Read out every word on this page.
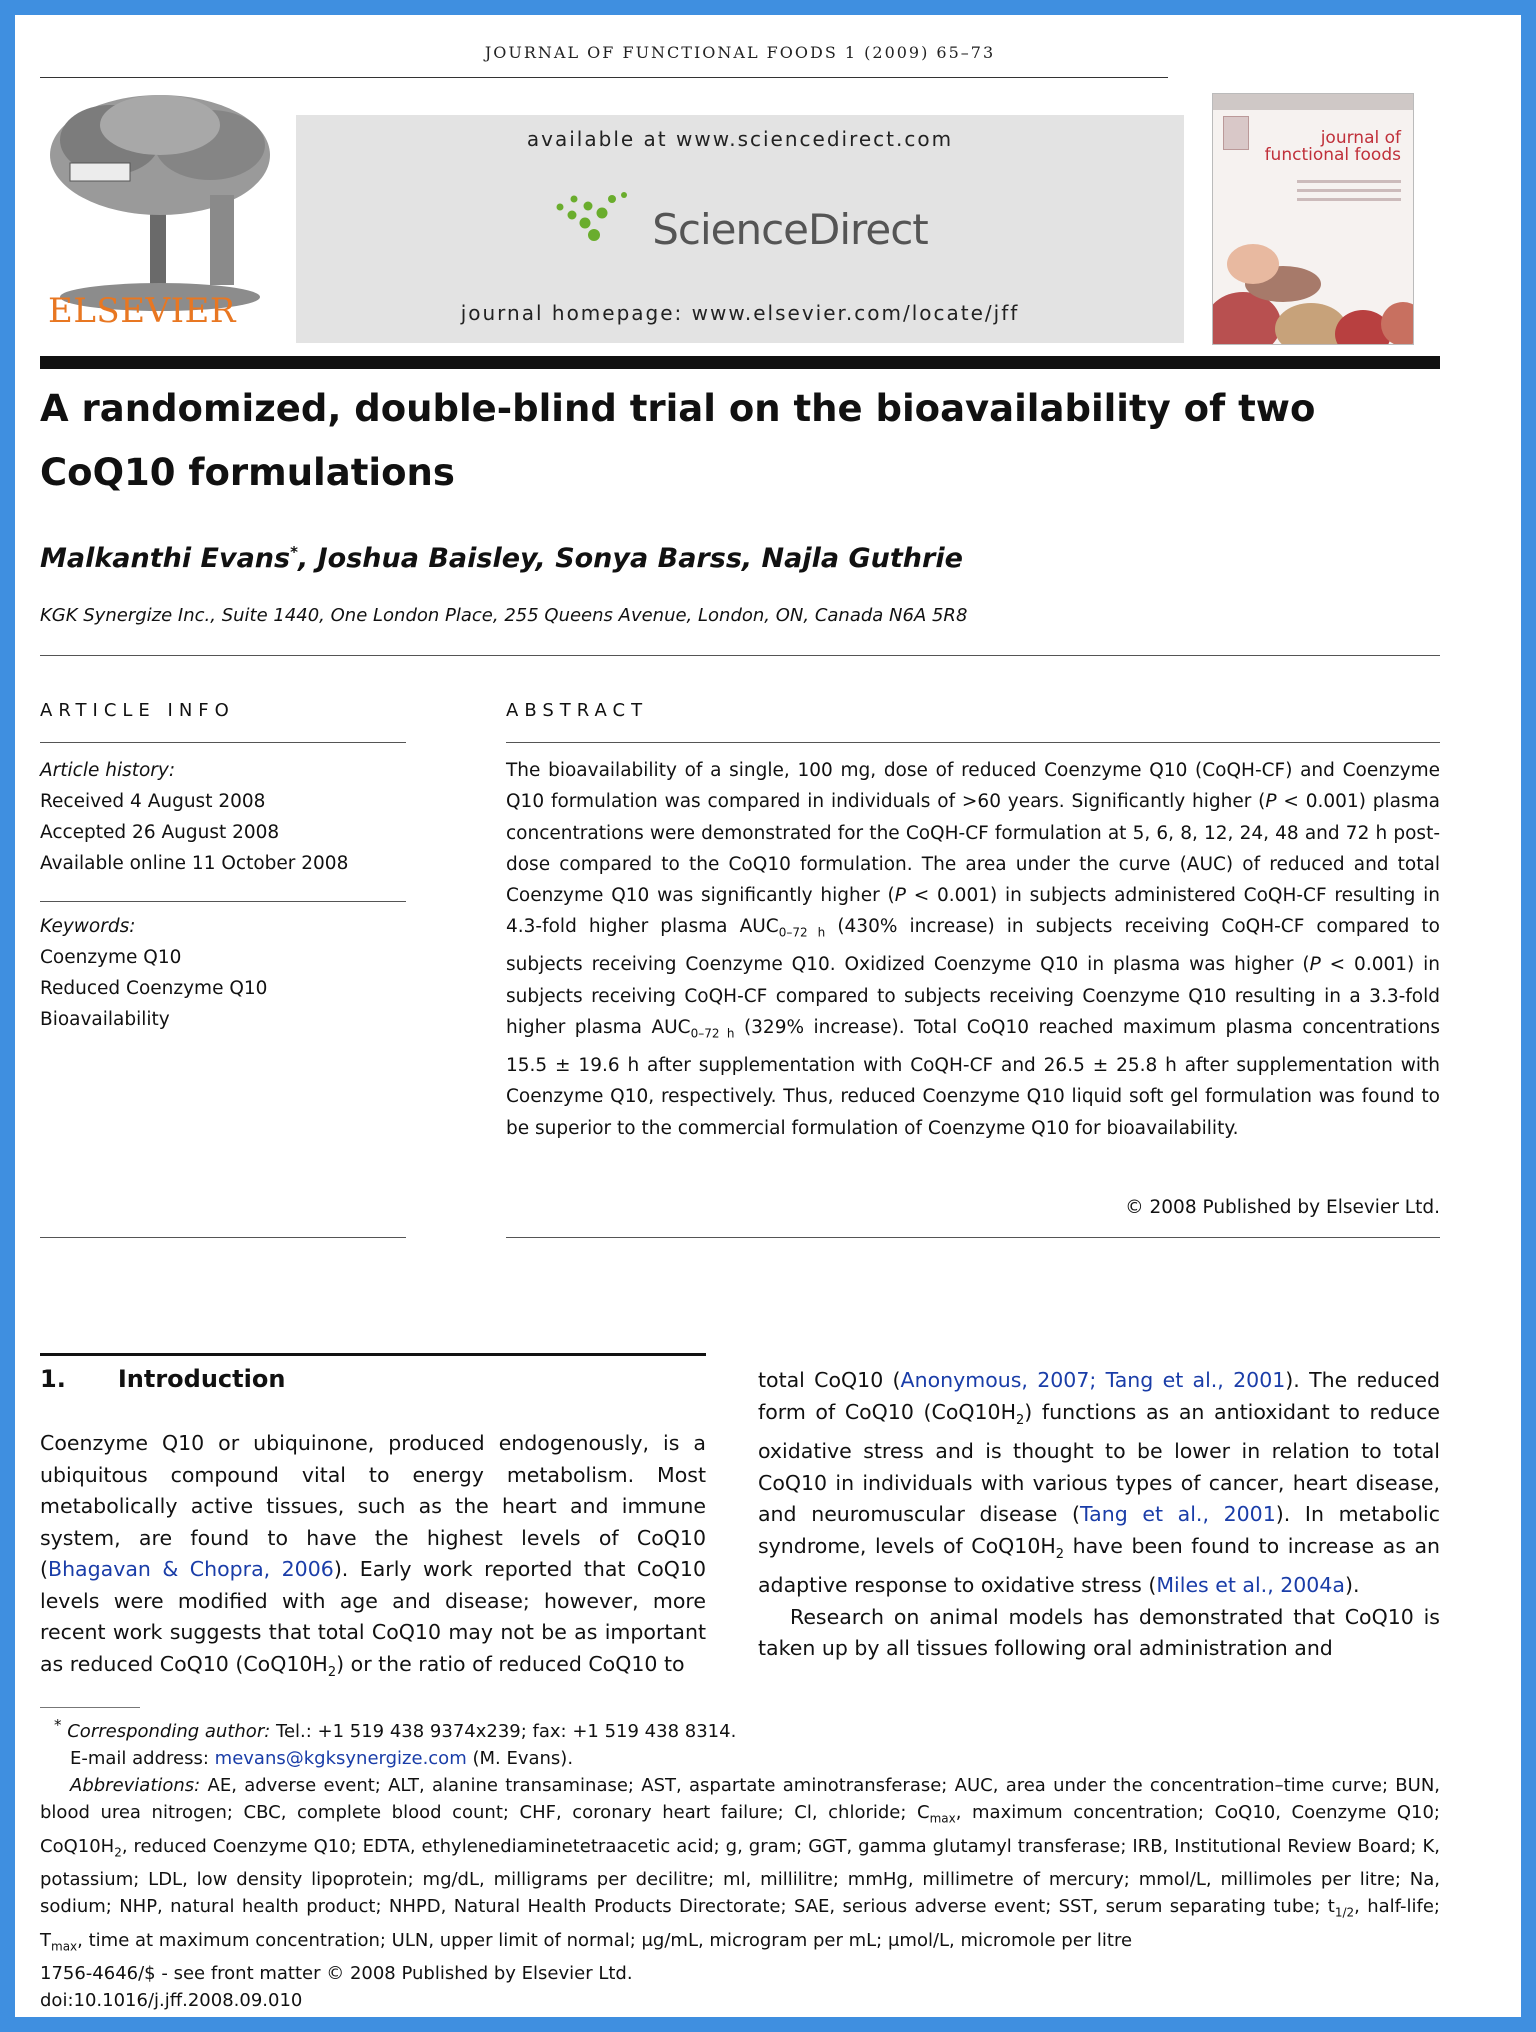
JOURNAL OF FUNCTIONAL FOODS 1 (2009) 65–73
ELSEVIER
available at www.sciencedirect.com
ScienceDirect
journal homepage: www.elsevier.com/locate/jff
journal of
functional foods
A randomized, double-blind trial on the bioavailability of two
CoQ10 formulations
Malkanthi Evans*, Joshua Baisley, Sonya Barss, Najla Guthrie
KGK Synergize Inc., Suite 1440, One London Place, 255 Queens Avenue, London, ON, Canada N6A 5R8
ARTICLE INFO
Article history:
Received 4 August 2008
Accepted 26 August 2008
Available online 11 October 2008
Keywords:
Coenzyme Q10
Reduced Coenzyme Q10
Bioavailability
ABSTRACT
The bioavailability of a single, 100 mg, dose of reduced Coenzyme Q10 (CoQH-CF) and Coenzyme Q10 formulation was compared in individuals of >60 years. Significantly higher (P < 0.001) plasma concentrations were demonstrated for the CoQH-CF formulation at 5, 6, 8, 12, 24, 48 and 72 h post-dose compared to the CoQ10 formulation. The area under the curve (AUC) of reduced and total Coenzyme Q10 was significantly higher (P < 0.001) in subjects administered CoQH-CF resulting in 4.3-fold higher plasma $AUC_{0-72 h}$ (430% increase) in subjects receiving CoQH-CF compared to subjects receiving Coenzyme Q10. Oxidized Coenzyme Q10 in plasma was higher (P < 0.001) in subjects receiving CoQH-CF compared to subjects receiving Coenzyme Q10 resulting in a 3.3-fold higher plasma $AUC_{0-72 h}$ (329% increase). Total CoQ10 reached maximum plasma concentrations 15.5 ± 19.6 h after supplementation with CoQH-CF and 26.5 ± 25.8 h after supplementation with Coenzyme Q10, respectively. Thus, reduced Coenzyme Q10 liquid soft gel formulation was found to be superior to the commercial formulation of Coenzyme Q10 for bioavailability.
© 2008 Published by Elsevier Ltd.
1. Introduction
Coenzyme Q10 or ubiquinone, produced endogenously, is a ubiquitous compound vital to energy metabolism. Most metabolically active tissues, such as the heart and immune system, are found to have the highest levels of CoQ10 (Bhagavan & Chopra, 2006). Early work reported that CoQ10 levels were modified with age and disease; however, more recent work suggests that total CoQ10 may not be as important as reduced CoQ10 $(CoQ10H_2)$ or the ratio of reduced CoQ10 to
total CoQ10 (Anonymous, 2007; Tang et al., 2001). The reduced form of CoQ10 $(CoQ10H_2)$ functions as an antioxidant to reduce oxidative stress and is thought to be lower in relation to total CoQ10 in individuals with various types of cancer, heart disease, and neuromuscular disease (Tang et al., 2001). In metabolic syndrome, levels of $CoQ10H_2$ have been found to increase as an adaptive response to oxidative stress (Miles et al., 2004a).
Research on animal models has demonstrated that CoQ10 is taken up by all tissues following oral administration and
* Corresponding author: Tel.: +1 519 438 9374x239; fax: +1 519 438 8314.
E-mail address: mevans@kgksynergize.com (M. Evans).
Abbreviations: AE, adverse event; ALT, alanine transaminase; AST, aspartate aminotransferase; AUC, area under the concentration–time curve; BUN, blood urea nitrogen; CBC, complete blood count; CHF, coronary heart failure; Cl, chloride; $C_{max}$, maximum concentration; CoQ10, Coenzyme Q10; $CoQ10H_2$, reduced Coenzyme Q10; EDTA, ethylenediaminetetraacetic acid; g, gram; GGT, gamma glutamyl transferase; IRB, Institutional Review Board; K, potassium; LDL, low density lipoprotein; mg/dL, milligrams per decilitre; ml, millilitre; mmHg, millimetre of mercury; mmol/L, millimoles per litre; Na, sodium; NHP, natural health product; NHPD, Natural Health Products Directorate; SAE, serious adverse event; SST, serum separating tube; $t_{1/2}$, half-life; $T_{max}$, time at maximum concentration; ULN, upper limit of normal; μg/mL, microgram per mL; μmol/L, micromole per litre
1756-4646/$ - see front matter © 2008 Published by Elsevier Ltd.
doi:10.1016/j.jff.2008.09.010
